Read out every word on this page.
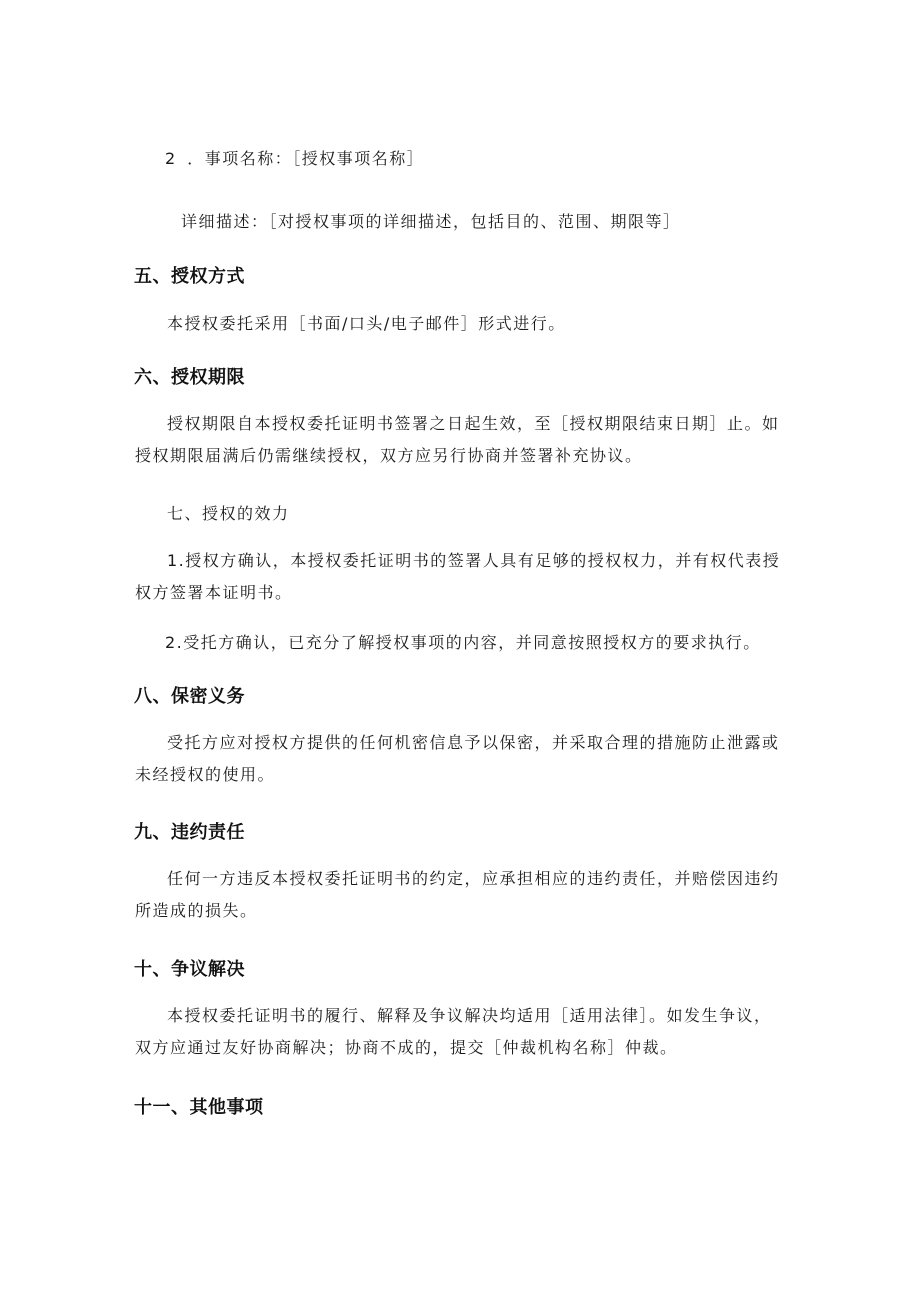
2 ．事项名称：［授权事项名称］
详细描述：［对授权事项的详细描述，包括目的、范围、期限等］
五、授权方式
本授权委托采用［书面/口头/电子邮件］形式进行。
六、授权期限
授权期限自本授权委托证明书签署之日起生效，至［授权期限结束日期］止。如授权期限届满后仍需继续授权，双方应另行协商并签署补充协议。
七、授权的效力
1.授权方确认，本授权委托证明书的签署人具有足够的授权权力，并有权代表授权方签署本证明书。
2.受托方确认，已充分了解授权事项的内容，并同意按照授权方的要求执行。
八、保密义务
受托方应对授权方提供的任何机密信息予以保密，并采取合理的措施防止泄露或未经授权的使用。
九、违约责任
任何一方违反本授权委托证明书的约定，应承担相应的违约责任，并赔偿因违约所造成的损失。
十、争议解决
本授权委托证明书的履行、解释及争议解决均适用［适用法律］。如发生争议，双方应通过友好协商解决；协商不成的，提交［仲裁机构名称］仲裁。
十一、其他事项
